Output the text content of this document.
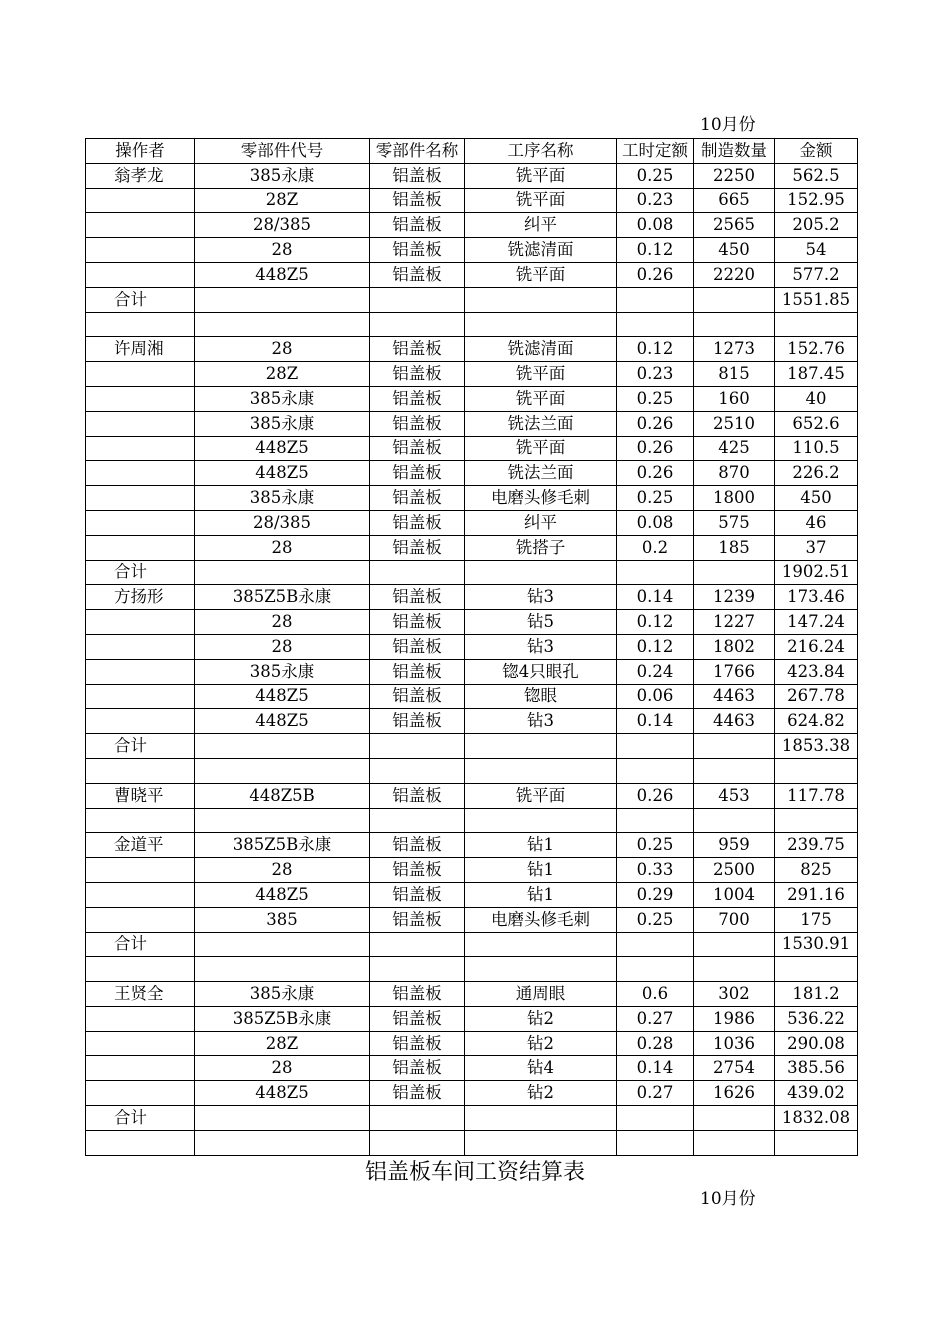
10月份
操作者	零部件代号	零部件名称	工序名称	工时定额	制造数量	金额
翁孝龙	385永康	铝盖板	铣平面	0.25	2250	562.5
	28Z	铝盖板	铣平面	0.23	665	152.95
	28/385	铝盖板	纠平	0.08	2565	205.2
	28	铝盖板	铣滤清面	0.12	450	54
	448Z5	铝盖板	铣平面	0.26	2220	577.2
合计						1551.85

许周湘	28	铝盖板	铣滤清面	0.12	1273	152.76
	28Z	铝盖板	铣平面	0.23	815	187.45
	385永康	铝盖板	铣平面	0.25	160	40
	385永康	铝盖板	铣法兰面	0.26	2510	652.6
	448Z5	铝盖板	铣平面	0.26	425	110.5
	448Z5	铝盖板	铣法兰面	0.26	870	226.2
	385永康	铝盖板	电磨头修毛刺	0.25	1800	450
	28/385	铝盖板	纠平	0.08	575	46
	28	铝盖板	铣搭子	0.2	185	37
合计						1902.51
方扬形	385Z5B永康	铝盖板	钻3	0.14	1239	173.46
	28	铝盖板	钻5	0.12	1227	147.24
	28	铝盖板	钻3	0.12	1802	216.24
	385永康	铝盖板	锪4只眼孔	0.24	1766	423.84
	448Z5	铝盖板	锪眼	0.06	4463	267.78
	448Z5	铝盖板	钻3	0.14	4463	624.82
合计						1853.38

曹晓平	448Z5B	铝盖板	铣平面	0.26	453	117.78

金道平	385Z5B永康	铝盖板	钻1	0.25	959	239.75
	28	铝盖板	钻1	0.33	2500	825
	448Z5	铝盖板	钻1	0.29	1004	291.16
	385	铝盖板	电磨头修毛刺	0.25	700	175
合计						1530.91

王贤全	385永康	铝盖板	通周眼	0.6	302	181.2
	385Z5B永康	铝盖板	钻2	0.27	1986	536.22
	28Z	铝盖板	钻2	0.28	1036	290.08
	28	铝盖板	钻4	0.14	2754	385.56
	448Z5	铝盖板	钻2	0.27	1626	439.02
合计						1832.08

铝盖板车间工资结算表
10月份
